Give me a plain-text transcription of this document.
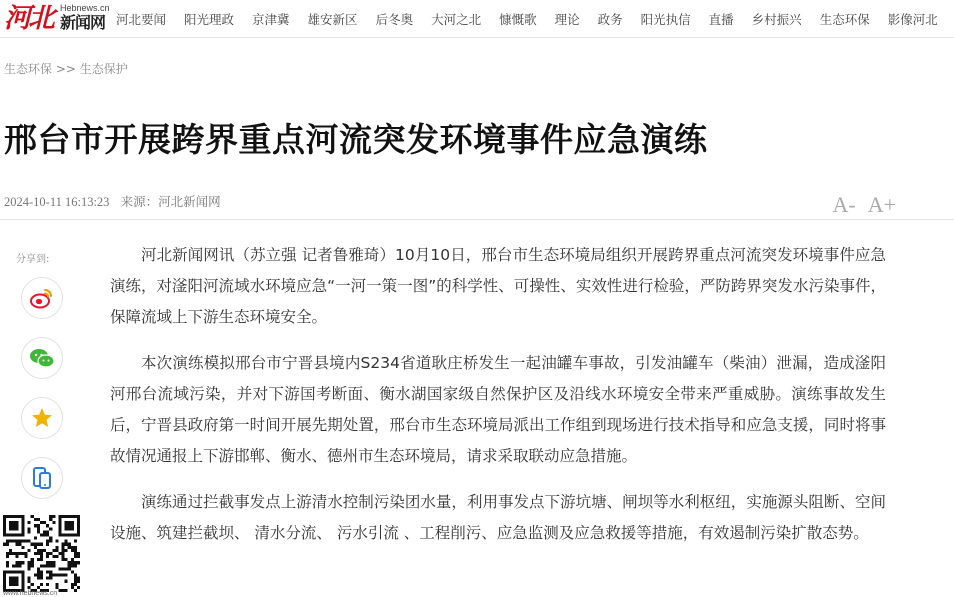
河北 Hebnews.cn
新闻网 河北要闻 阳光理政 京津冀 雄安新区 后冬奥 大河之北 慷慨歌 理论 政务 阳光执信 直播 乡村振兴 生态环保 影像河北
生态环保 >> 生态保护
邢台市开展跨界重点河流突发环境事件应急演练
2024-10-11 16:13:23 来源：河北新闻网	A- A+
分享到:
www.hebnews.cn

河北新闻网讯（苏立强 记者鲁雅琦）10月10日，邢台市生态环境局组织开展跨界重点河流突发环境事件应急演练，对滏阳河流域水环境应急“一河一策一图”的科学性、可操性、实效性进行检验，严防跨界突发水污染事件，保障流域上下游生态环境安全。

本次演练模拟邢台市宁晋县境内S234省道耿庄桥发生一起油罐车事故，引发油罐车（柴油）泄漏，造成滏阳河邢台流域污染，并对下游国考断面、衡水湖国家级自然保护区及沿线水环境安全带来严重威胁。演练事故发生后，宁晋县政府第一时间开展先期处置，邢台市生态环境局派出工作组到现场进行技术指导和应急支援，同时将事故情况通报上下游邯郸、衡水、德州市生态环境局，请求采取联动应急措施。

演练通过拦截事发点上游清水控制污染团水量，利用事发点下游坑塘、闸坝等水利枢纽，实施源头阻断、空间设施、筑建拦截坝、 清水分流、 污水引流 、工程削污、应急监测及应急救援等措施，有效遏制污染扩散态势。
